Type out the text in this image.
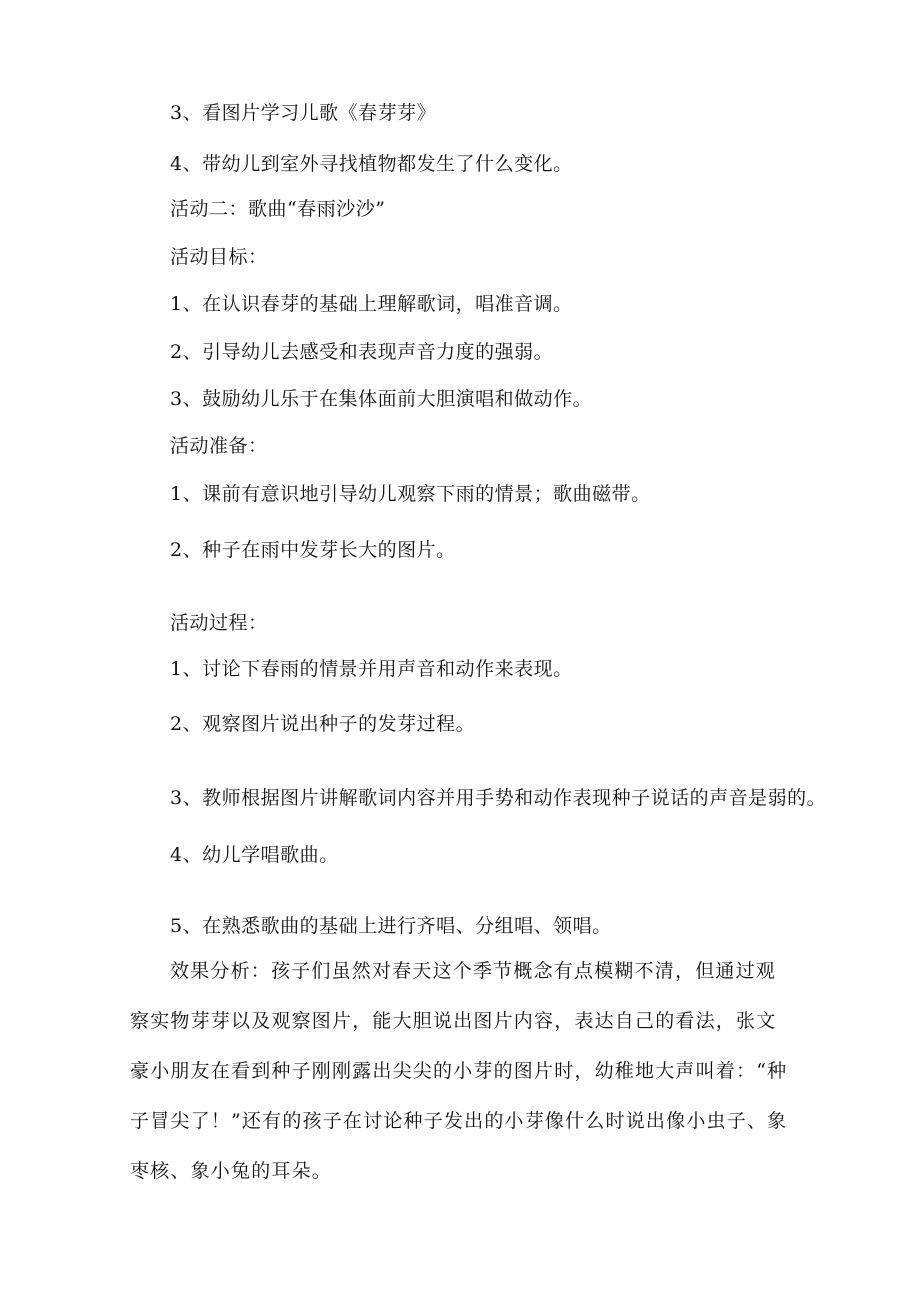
3、看图片学习儿歌《春芽芽》
4、带幼儿到室外寻找植物都发生了什么变化。
活动二：歌曲“春雨沙沙”
活动目标：
1、在认识春芽的基础上理解歌词，唱准音调。
2、引导幼儿去感受和表现声音力度的强弱。
3、鼓励幼儿乐于在集体面前大胆演唱和做动作。
活动准备：
1、课前有意识地引导幼儿观察下雨的情景；歌曲磁带。
2、种子在雨中发芽长大的图片。
活动过程：
1、讨论下春雨的情景并用声音和动作来表现。
2、观察图片说出种子的发芽过程。
3、教师根据图片讲解歌词内容并用手势和动作表现种子说话的声音是弱的。
4、幼儿学唱歌曲。
5、在熟悉歌曲的基础上进行齐唱、分组唱、领唱。
效果分析：孩子们虽然对春天这个季节概念有点模糊不清，但通过观察实物芽芽以及观察图片，能大胆说出图片内容，表达自己的看法，张文豪小朋友在看到种子刚刚露出尖尖的小芽的图片时，幼稚地大声叫着：“种子冒尖了！”还有的孩子在讨论种子发出的小芽像什么时说出像小虫子、象枣核、象小兔的耳朵。
